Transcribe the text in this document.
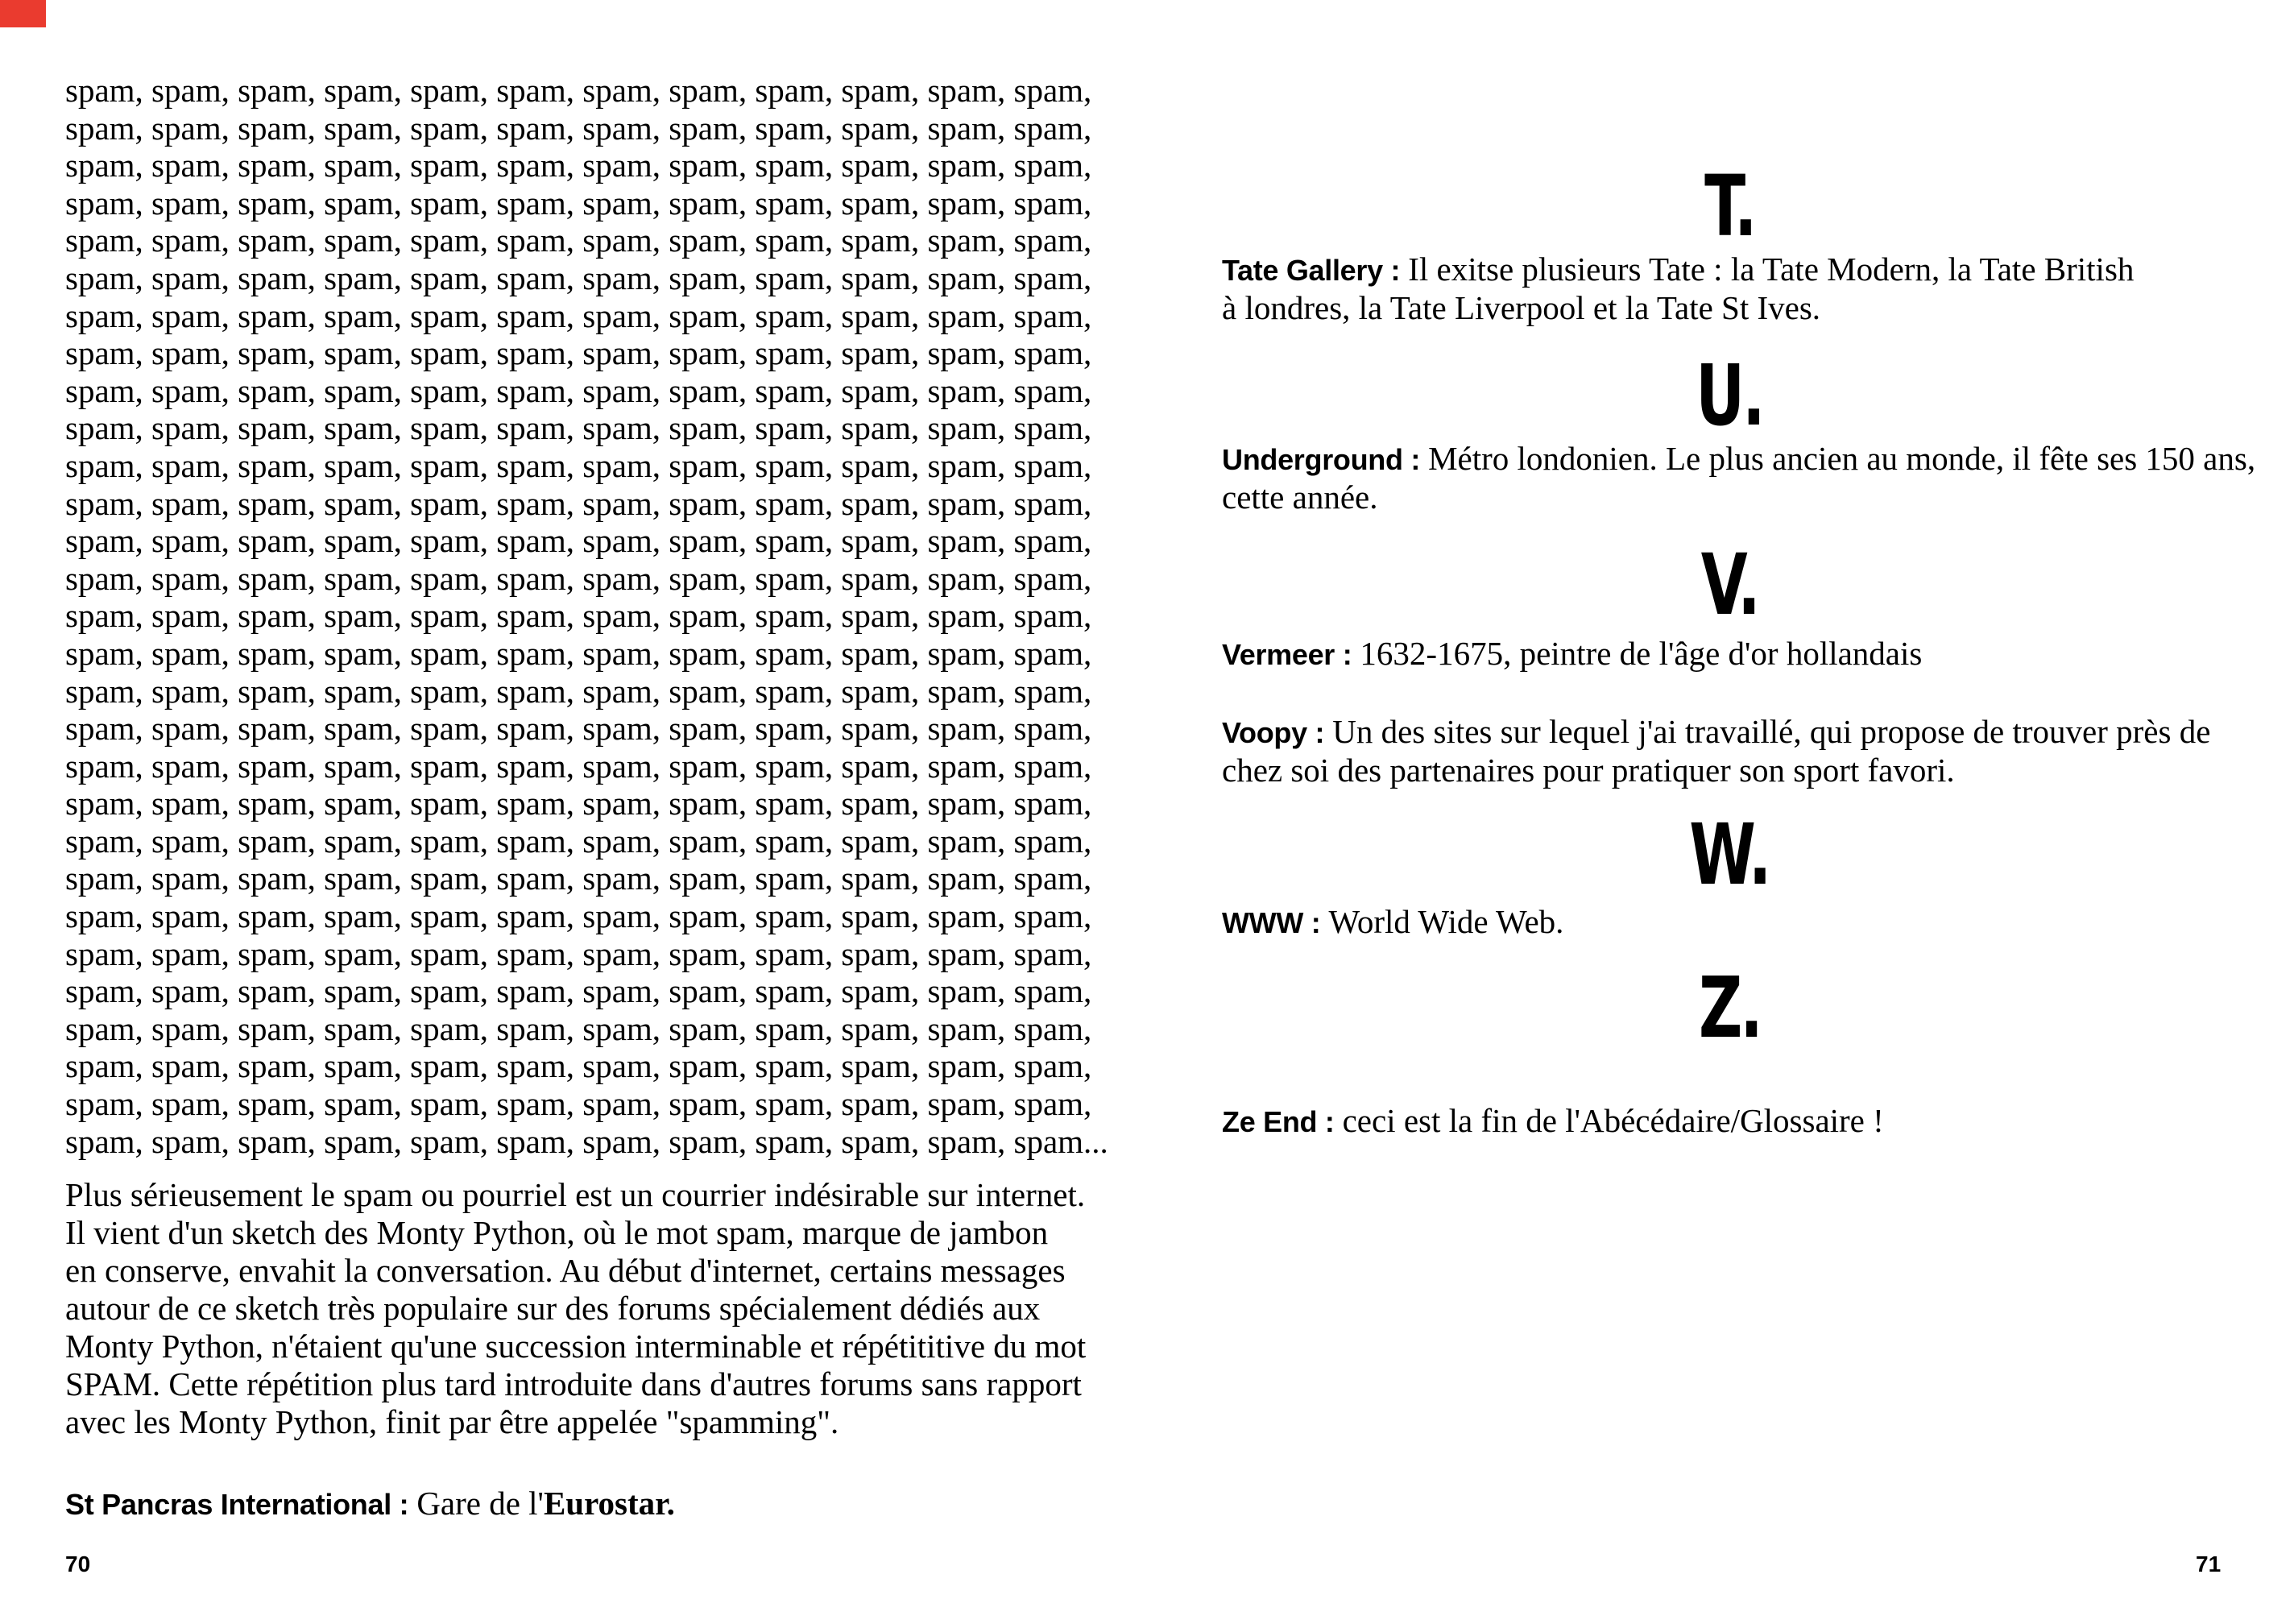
spam, spam, spam, spam, spam, spam, spam, spam, spam, spam, spam, spam,
spam, spam, spam, spam, spam, spam, spam, spam, spam, spam, spam, spam,
spam, spam, spam, spam, spam, spam, spam, spam, spam, spam, spam, spam,
spam, spam, spam, spam, spam, spam, spam, spam, spam, spam, spam, spam,
spam, spam, spam, spam, spam, spam, spam, spam, spam, spam, spam, spam,
spam, spam, spam, spam, spam, spam, spam, spam, spam, spam, spam, spam,
spam, spam, spam, spam, spam, spam, spam, spam, spam, spam, spam, spam,
spam, spam, spam, spam, spam, spam, spam, spam, spam, spam, spam, spam,
spam, spam, spam, spam, spam, spam, spam, spam, spam, spam, spam, spam,
spam, spam, spam, spam, spam, spam, spam, spam, spam, spam, spam, spam,
spam, spam, spam, spam, spam, spam, spam, spam, spam, spam, spam, spam,
spam, spam, spam, spam, spam, spam, spam, spam, spam, spam, spam, spam,
spam, spam, spam, spam, spam, spam, spam, spam, spam, spam, spam, spam,
spam, spam, spam, spam, spam, spam, spam, spam, spam, spam, spam, spam,
spam, spam, spam, spam, spam, spam, spam, spam, spam, spam, spam, spam,
spam, spam, spam, spam, spam, spam, spam, spam, spam, spam, spam, spam,
spam, spam, spam, spam, spam, spam, spam, spam, spam, spam, spam, spam,
spam, spam, spam, spam, spam, spam, spam, spam, spam, spam, spam, spam,
spam, spam, spam, spam, spam, spam, spam, spam, spam, spam, spam, spam,
spam, spam, spam, spam, spam, spam, spam, spam, spam, spam, spam, spam,
spam, spam, spam, spam, spam, spam, spam, spam, spam, spam, spam, spam,
spam, spam, spam, spam, spam, spam, spam, spam, spam, spam, spam, spam,
spam, spam, spam, spam, spam, spam, spam, spam, spam, spam, spam, spam,
spam, spam, spam, spam, spam, spam, spam, spam, spam, spam, spam, spam,
spam, spam, spam, spam, spam, spam, spam, spam, spam, spam, spam, spam,
spam, spam, spam, spam, spam, spam, spam, spam, spam, spam, spam, spam,
spam, spam, spam, spam, spam, spam, spam, spam, spam, spam, spam, spam,
spam, spam, spam, spam, spam, spam, spam, spam, spam, spam, spam, spam,
spam, spam, spam, spam, spam, spam, spam, spam, spam, spam, spam, spam...
Plus sérieusement le spam ou pourriel est un courrier indésirable sur internet.
Il vient d'un sketch des Monty Python, où le mot spam, marque de jambon
en conserve, envahit la conversation. Au début d'internet, certains messages
autour de ce sketch très populaire sur des forums spécialement dédiés aux
Monty Python, n'étaient qu'une succession interminable et répétititive du mot
SPAM. Cette répétition plus tard introduite dans d'autres forums sans rapport
avec les Monty Python, finit par être appelée "spamming".
St Pancras International : Gare de l'Eurostar.
70
T.
Tate Gallery : Il exitse plusieurs Tate : la Tate Modern, la Tate British
à londres, la Tate Liverpool et la Tate St Ives.
U.
Underground : Métro londonien. Le plus ancien au monde, il fête ses 150 ans,
cette année.
V.
Vermeer : 1632-1675, peintre de l'âge d'or hollandais
Voopy : Un des sites sur lequel j'ai travaillé, qui propose de trouver près de
chez soi des partenaires pour pratiquer son sport favori.
W.
WWW : World Wide Web.
Z.
Ze End : ceci est la fin de l'Abécédaire/Glossaire !
71
